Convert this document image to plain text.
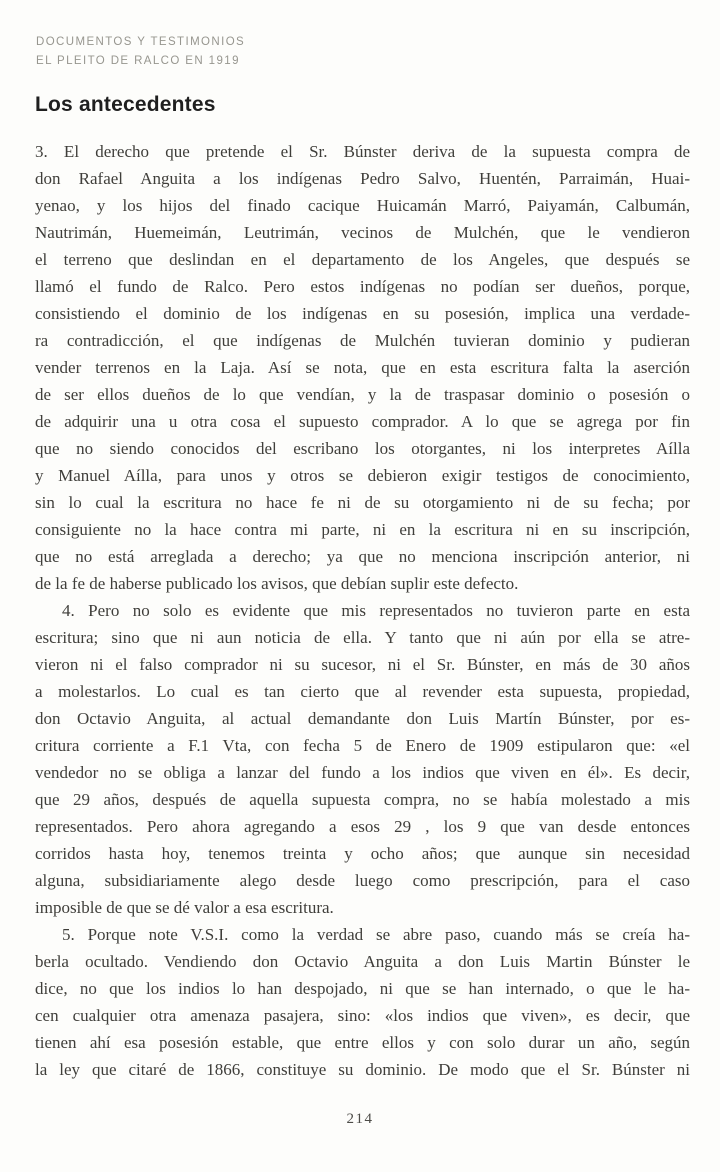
DOCUMENTOS Y TESTIMONIOS
EL PLEITO DE RALCO EN 1919
Los antecedentes
3. El derecho que pretende el Sr. Búnster deriva de la supuesta compra de
don Rafael Anguita a los indígenas Pedro Salvo, Huentén, Parraimán, Huai-
yenao, y los hijos del finado cacique Huicamán Marró, Paiyamán, Calbumán,
Nautrimán, Huemeimán, Leutrimán, vecinos de Mulchén, que le vendieron
el terreno que deslindan en el departamento de los Angeles, que después se
llamó el fundo de Ralco. Pero estos indígenas no podían ser dueños, porque,
consistiendo el dominio de los indígenas en su posesión, implica una verdade-
ra contradicción, el que indígenas de Mulchén tuvieran dominio y pudieran
vender terrenos en la Laja. Así se nota, que en esta escritura falta la aserción
de ser ellos dueños de lo que vendían, y la de traspasar dominio o posesión o
de adquirir una u otra cosa el supuesto comprador. A lo que se agrega por fin
que no siendo conocidos del escribano los otorgantes, ni los interpretes Aílla
y Manuel Aílla, para unos y otros se debieron exigir testigos de conocimiento,
sin lo cual la escritura no hace fe ni de su otorgamiento ni de su fecha; por
consiguiente no la hace contra mi parte, ni en la escritura ni en su inscripción,
que no está arreglada a derecho; ya que no menciona inscripción anterior, ni
de la fe de haberse publicado los avisos, que debían suplir este defecto.
4. Pero no solo es evidente que mis representados no tuvieron parte en esta
escritura; sino que ni aun noticia de ella. Y tanto que ni aún por ella se atre-
vieron ni el falso comprador ni su sucesor, ni el Sr. Búnster, en más de 30 años
a molestarlos. Lo cual es tan cierto que al revender esta supuesta, propiedad,
don Octavio Anguita, al actual demandante don Luis Martín Búnster, por es-
critura corriente a F.1 Vta, con fecha 5 de Enero de 1909 estipularon que: «el
vendedor no se obliga a lanzar del fundo a los indios que viven en él». Es decir,
que 29 años, después de aquella supuesta compra, no se había molestado a mis
representados. Pero ahora agregando a esos 29 , los 9 que van desde entonces
corridos hasta hoy, tenemos treinta y ocho años; que aunque sin necesidad
alguna, subsidiariamente alego desde luego como prescripción, para el caso
imposible de que se dé valor a esa escritura.
5. Porque note V.S.I. como la verdad se abre paso, cuando más se creía ha-
berla ocultado. Vendiendo don Octavio Anguita a don Luis Martin Búnster le
dice, no que los indios lo han despojado, ni que se han internado, o que le ha-
cen cualquier otra amenaza pasajera, sino: «los indios que viven», es decir, que
tienen ahí esa posesión estable, que entre ellos y con solo durar un año, según
la ley que citaré de 1866, constituye su dominio. De modo que el Sr. Búnster ni
214
